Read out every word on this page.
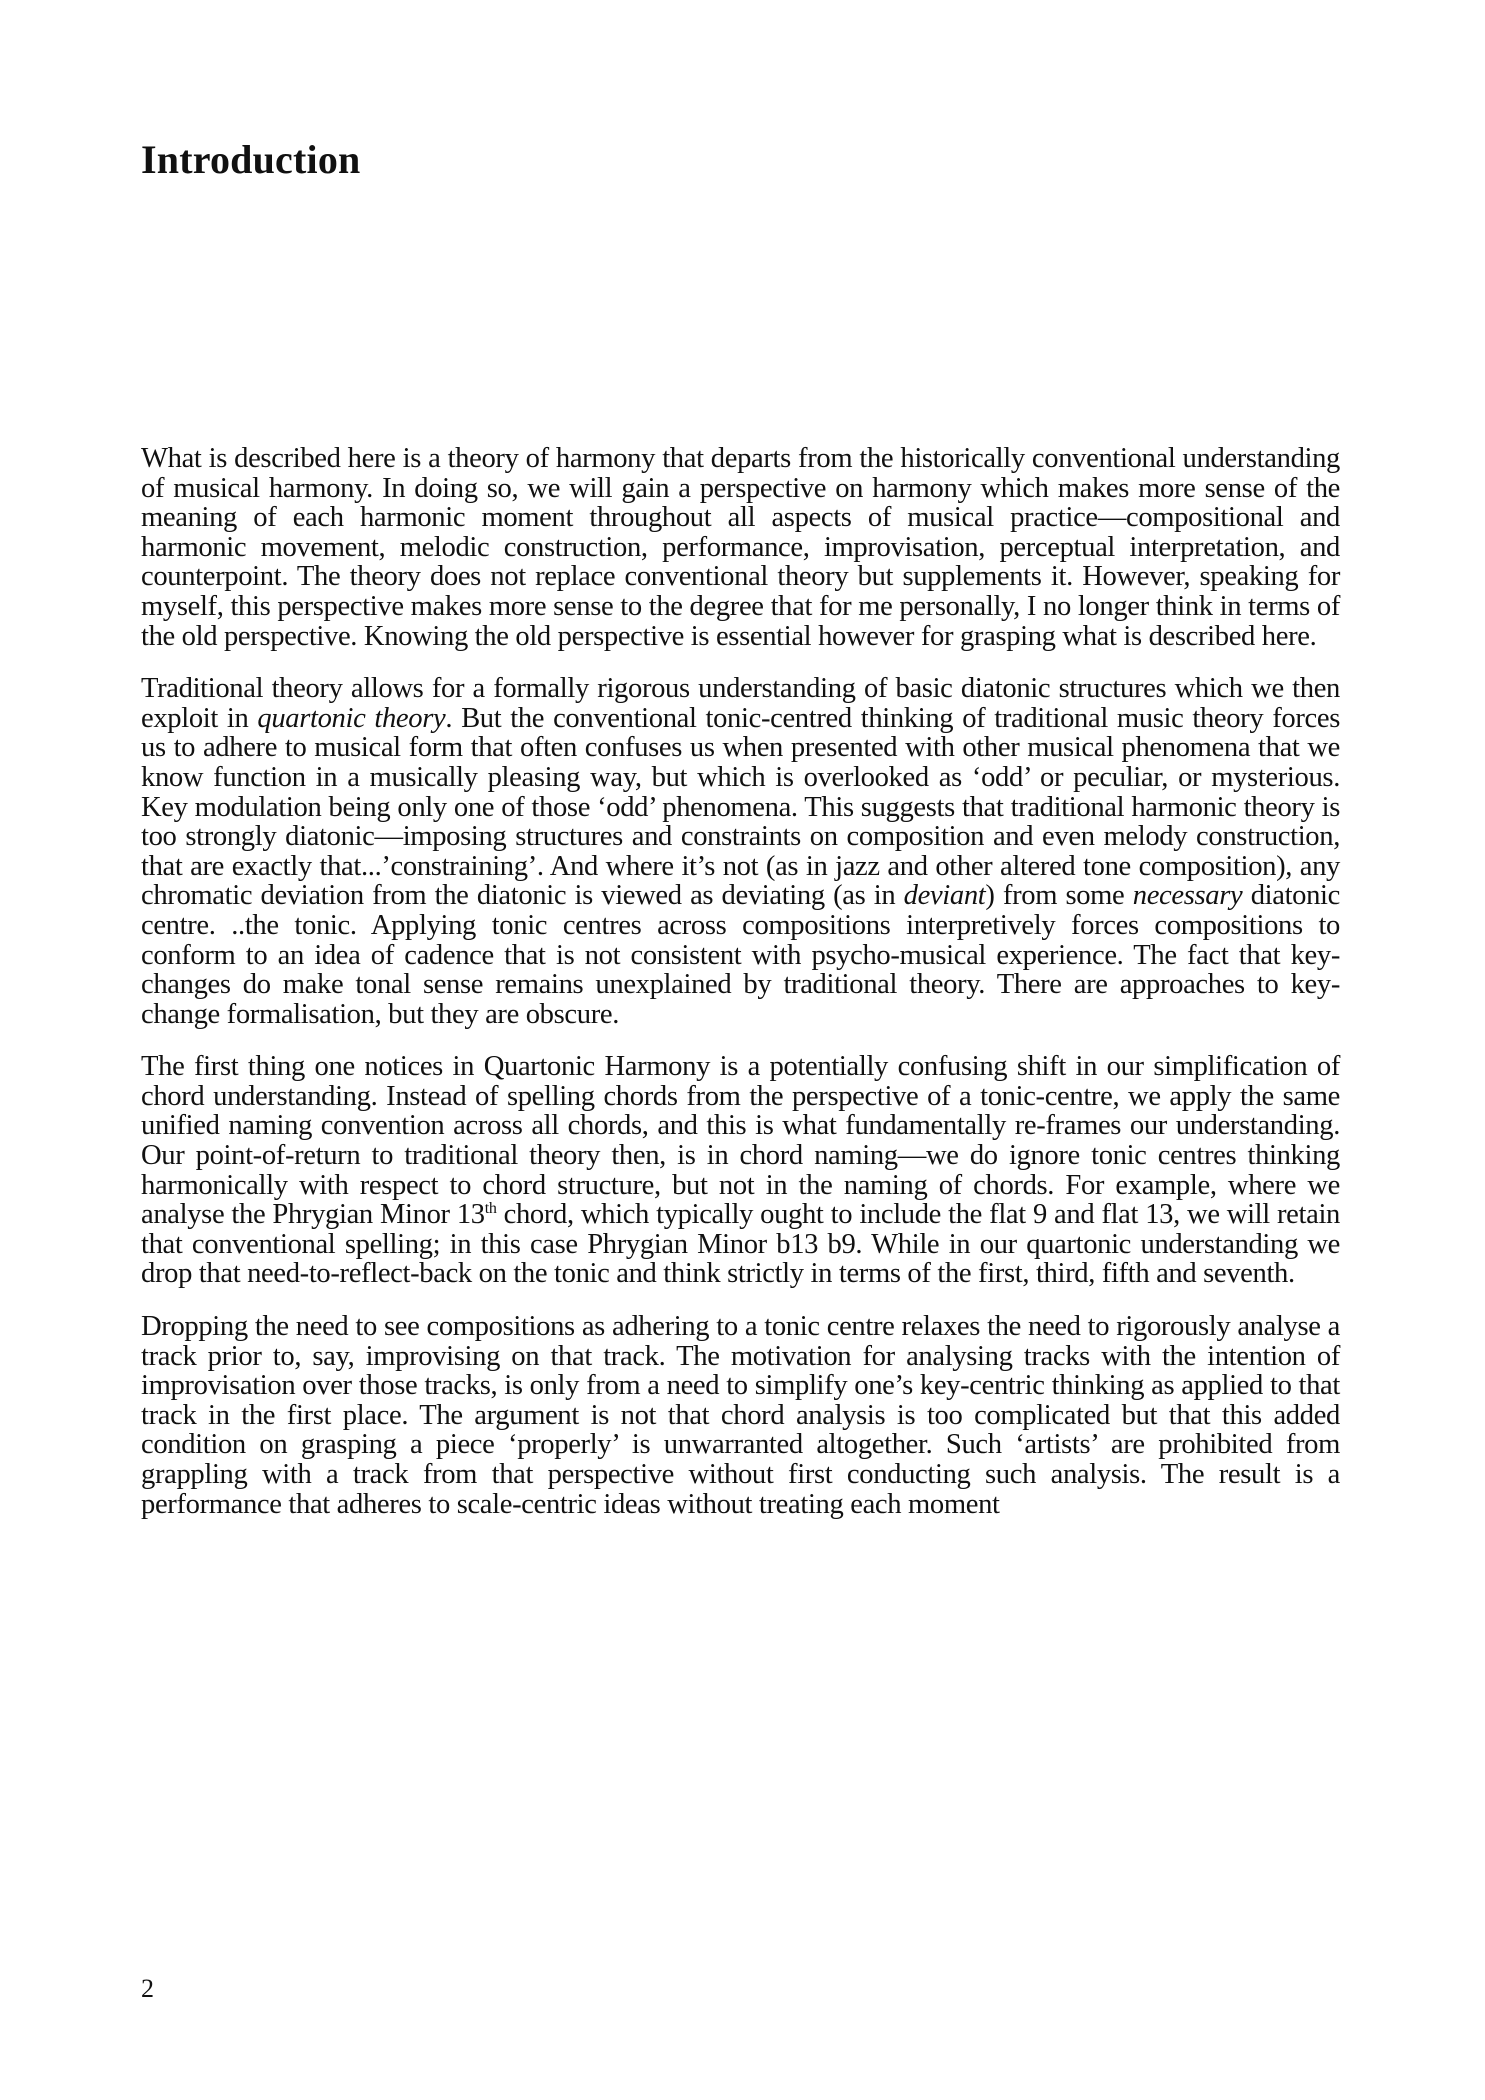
Introduction

What is described here is a theory of harmony that departs from the historically conventional understanding of musical harmony. In doing so, we will gain a perspective on harmony which makes more sense of the meaning of each harmonic moment throughout all aspects of musical practice—compositional and harmonic movement, melodic construction, performance, improvisation, perceptual interpretation, and counterpoint. The theory does not replace conventional theory but supplements it. However, speaking for myself, this perspective makes more sense to the degree that for me personally, I no longer think in terms of the old perspective. Knowing the old perspective is essential however for grasping what is described here.

Traditional theory allows for a formally rigorous understanding of basic diatonic structures which we then exploit in quartonic theory. But the conventional tonic-centred thinking of traditional music theory forces us to adhere to musical form that often confuses us when presented with other musical phenomena that we know function in a musically pleasing way, but which is overlooked as ‘odd’ or peculiar, or mysterious. Key modulation being only one of those ‘odd’ phenomena. This suggests that traditional harmonic theory is too strongly diatonic—imposing structures and constraints on composition and even melody construction, that are exactly that...’constraining’. And where it’s not (as in jazz and other altered tone composition), any chromatic deviation from the diatonic is viewed as deviating (as in deviant) from some necessary diatonic centre. ..the tonic. Applying tonic centres across compositions interpretively forces compositions to conform to an idea of cadence that is not consistent with psycho-musical experience. The fact that key-changes do make tonal sense remains unexplained by traditional theory. There are approaches to key-change formalisation, but they are obscure.

The first thing one notices in Quartonic Harmony is a potentially confusing shift in our simplification of chord understanding. Instead of spelling chords from the perspective of a tonic-centre, we apply the same unified naming convention across all chords, and this is what fundamentally re-frames our understanding. Our point-of-return to traditional theory then, is in chord naming—we do ignore tonic centres thinking harmonically with respect to chord structure, but not in the naming of chords. For example, where we analyse the Phrygian Minor 13th chord, which typically ought to include the flat 9 and flat 13, we will retain that conventional spelling; in this case Phrygian Minor b13 b9. While in our quartonic understanding we drop that need-to-reflect-back on the tonic and think strictly in terms of the first, third, fifth and seventh.

Dropping the need to see compositions as adhering to a tonic centre relaxes the need to rigorously analyse a track prior to, say, improvising on that track. The motivation for analysing tracks with the intention of improvisation over those tracks, is only from a need to simplify one’s key-centric thinking as applied to that track in the first place. The argument is not that chord analysis is too complicated but that this added condition on grasping a piece ‘properly’ is unwarranted altogether. Such ‘artists’ are prohibited from grappling with a track from that perspective without first conducting such analysis. The result is a performance that adheres to scale-centric ideas without treating each moment

2
